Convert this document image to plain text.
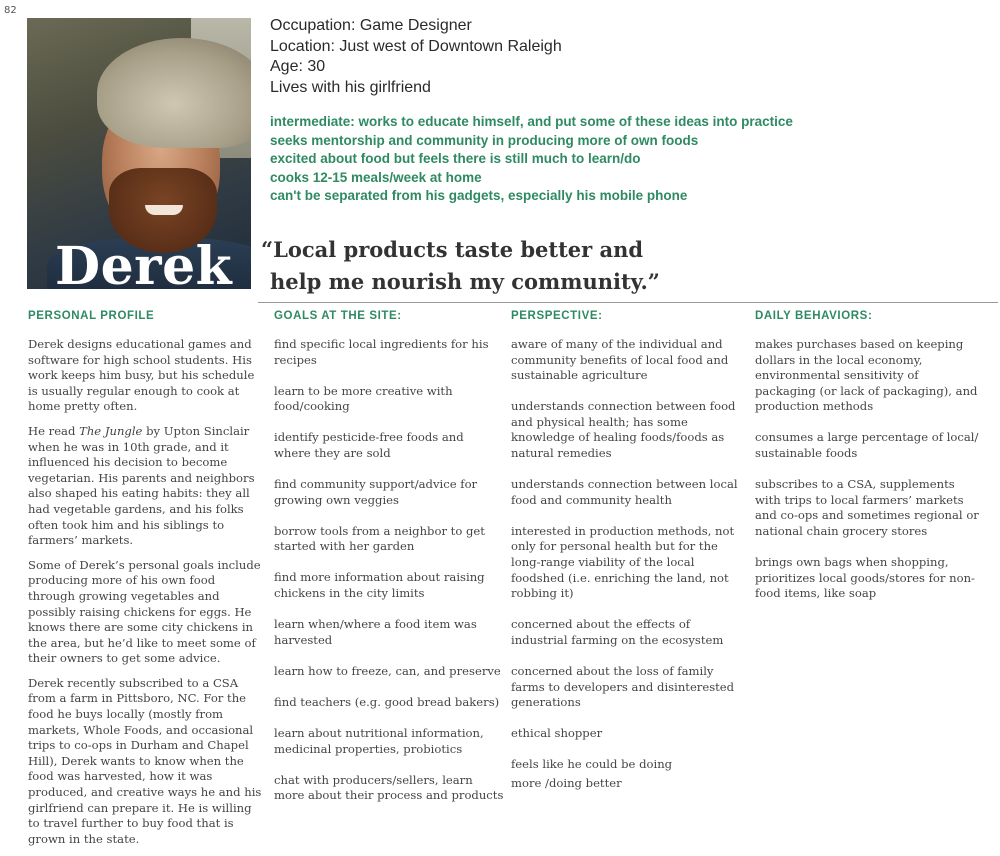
82
Derek

Occupation: Game Designer

Location: Just west of Downtown Raleigh

Age: 30

Lives with his girlfriend

intermediate: works to educate himself, and put some of these ideas into practice

seeks mentorship and community in producing more of own foods

excited about food but feels there is still much to learn/do

cooks 12-15 meals/week at home

can't be separated from his gadgets, especially his mobile phone

“Local products taste better and
help me nourish my community.”
PERSONAL PROFILE

Derek designs educational games and software for high school students. His work keeps him busy, but his schedule is usually regular enough to cook at home pretty often.

He read The Jungle by Upton Sinclair when he was in 10th grade, and it influenced his decision to become vegetarian. His parents and neighbors also shaped his eating habits: they all had vegetable gardens, and his folks often took him and his siblings to farmers’ markets.

Some of Derek’s personal goals include producing more of his own food through growing vegetables and possibly raising chickens for eggs. He knows there are some city chickens in the area, but he’d like to meet some of their owners to get some advice.

Derek recently subscribed to a CSA from a farm in Pittsboro, NC. For the food he buys locally (mostly from markets, Whole Foods, and occasional trips to co-ops in Durham and Chapel Hill), Derek wants to know when the food was harvested, how it was produced, and creative ways he and his girlfriend can prepare it. He is willing to travel further to buy food that is grown in the state.

GOALS AT THE SITE:

find specific local ingredients for his recipes

learn to be more creative with food/cooking

identify pesticide-free foods and where they are sold

find community support/advice for growing own veggies

borrow tools from a neighbor to get started with her garden

find more information about raising chickens in the city limits

learn when/where a food item was harvested

learn how to freeze, can, and preserve

find teachers (e.g. good bread bakers)

learn about nutritional information, medicinal properties, probiotics

chat with producers/sellers, learn more about their process and products

PERSPECTIVE:

aware of many of the individual and community benefits of local food and sustainable agriculture

understands connection between food and physical health; has some knowledge of healing foods/foods as natural remedies

understands connection between local food and community health

interested in production methods, not only for personal health but for the long-range viability of the local foodshed (i.e. enriching the land, not robbing it)

concerned about the effects of industrial farming on the ecosystem

concerned about the loss of family farms to developers and disinterested generations

ethical shopper

feels like he could be doing

more /doing better

DAILY BEHAVIORS:

makes purchases based on keeping dollars in the local economy, environmental sensitivity of packaging (or lack of packaging), and production methods

consumes a large percentage of local/ sustainable foods

subscribes to a CSA, supplements with trips to local farmers’ markets and co-ops and sometimes regional or national chain grocery stores

brings own bags when shopping, prioritizes local goods/stores for non-food items, like soap
